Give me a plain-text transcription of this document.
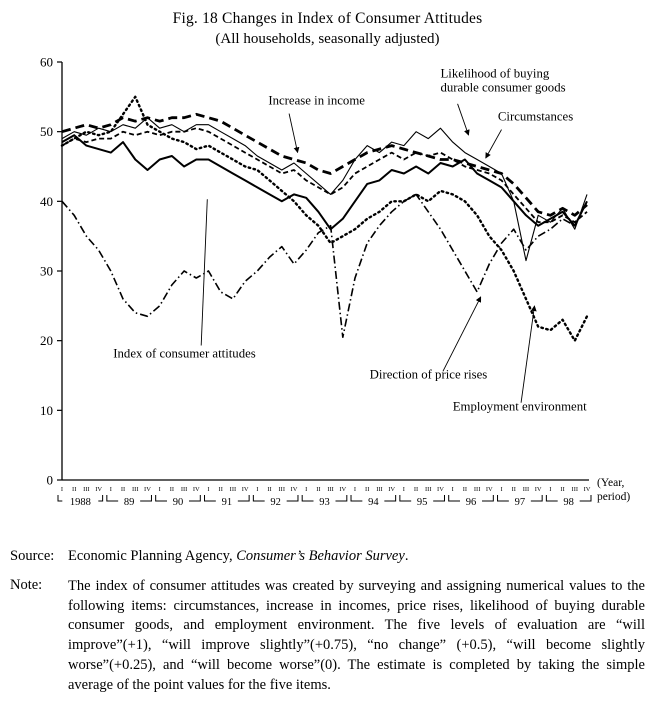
Fig. 18 Changes in Index of Consumer Attitudes
(All households, seasonally adjusted)
0
10
20
30
40
50
60
I II III IV I II III IV I II III IV I II III IV I II III IV I II III IV I II III IV I II III IV I II III IV I II III IV I II III IV
1988	89	90	91	92	93	94	95	96	97	98
(Year,
period)
Likelihood of buying
durable consumer goods
Increase in income
Circumstances
Index of consumer attitudes
Direction of price rises
Employment environment
Source: Economic Planning Agency, Consumer’s Behavior Survey.
Note:	The index of consumer attitudes was created by surveying and assigning numerical values to the following items: circumstances, increase in incomes, price rises, likelihood of buying durable consumer goods, and employment environment. The five levels of evaluation are “will improve”(+1), “will improve slightly”(+0.75), “no change” (+0.5), “will become slightly worse”(+0.25), and “will become worse”(0). The estimate is completed by taking the simple average of the point values for the five items.
